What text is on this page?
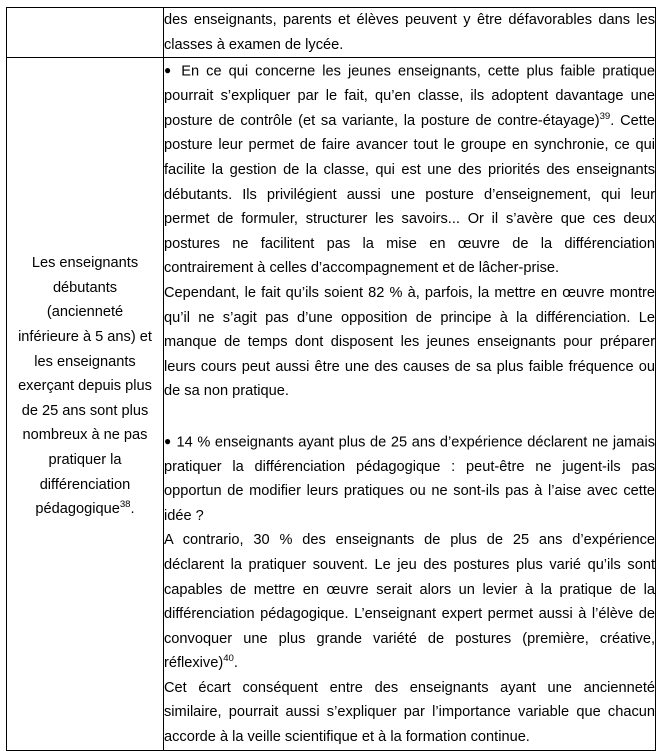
	des enseignants, parents et élèves peuvent y être défavorables dans les classes à examen de lycée.

Les enseignants débutants (ancienneté inférieure à 5 ans) et les enseignants exerçant depuis plus de 25 ans sont plus nombreux à ne pas pratiquer la différenciation pédagogique$^{38}$.	● En ce qui concerne les jeunes enseignants, cette plus faible pratique pourrait s’expliquer par le fait, qu’en classe, ils adoptent davantage une posture de contrôle (et sa variante, la posture de contre-étayage)$^{39}$. Cette posture leur permet de faire avancer tout le groupe en synchronie, ce qui facilite la gestion de la classe, qui est une des priorités des enseignants débutants. Ils privilégient aussi une posture d’enseignement, qui leur permet de formuler, structurer les savoirs... Or il s’avère que ces deux postures ne facilitent pas la mise en œuvre de la différenciation contrairement à celles d’accompagnement et de lâcher-prise.

Cependant, le fait qu’ils soient 82 % à, parfois, la mettre en œuvre montre qu’il ne s’agit pas d’une opposition de principe à la différenciation. Le manque de temps dont disposent les jeunes enseignants pour préparer leurs cours peut aussi être une des causes de sa plus faible fréquence ou de sa non pratique.

● 14 % enseignants ayant plus de 25 ans d’expérience déclarent ne jamais pratiquer la différenciation pédagogique : peut-être ne jugent-ils pas opportun de modifier leurs pratiques ou ne sont-ils pas à l’aise avec cette idée ?

A contrario, 30 % des enseignants de plus de 25 ans d’expérience déclarent la pratiquer souvent. Le jeu des postures plus varié qu’ils sont capables de mettre en œuvre serait alors un levier à la pratique de la différenciation pédagogique. L’enseignant expert permet aussi à l’élève de convoquer une plus grande variété de postures (première, créative, réflexive)$^{40}$.

Cet écart conséquent entre des enseignants ayant une ancienneté similaire, pourrait aussi s’expliquer par l’importance variable que chacun accorde à la veille scientifique et à la formation continue.
